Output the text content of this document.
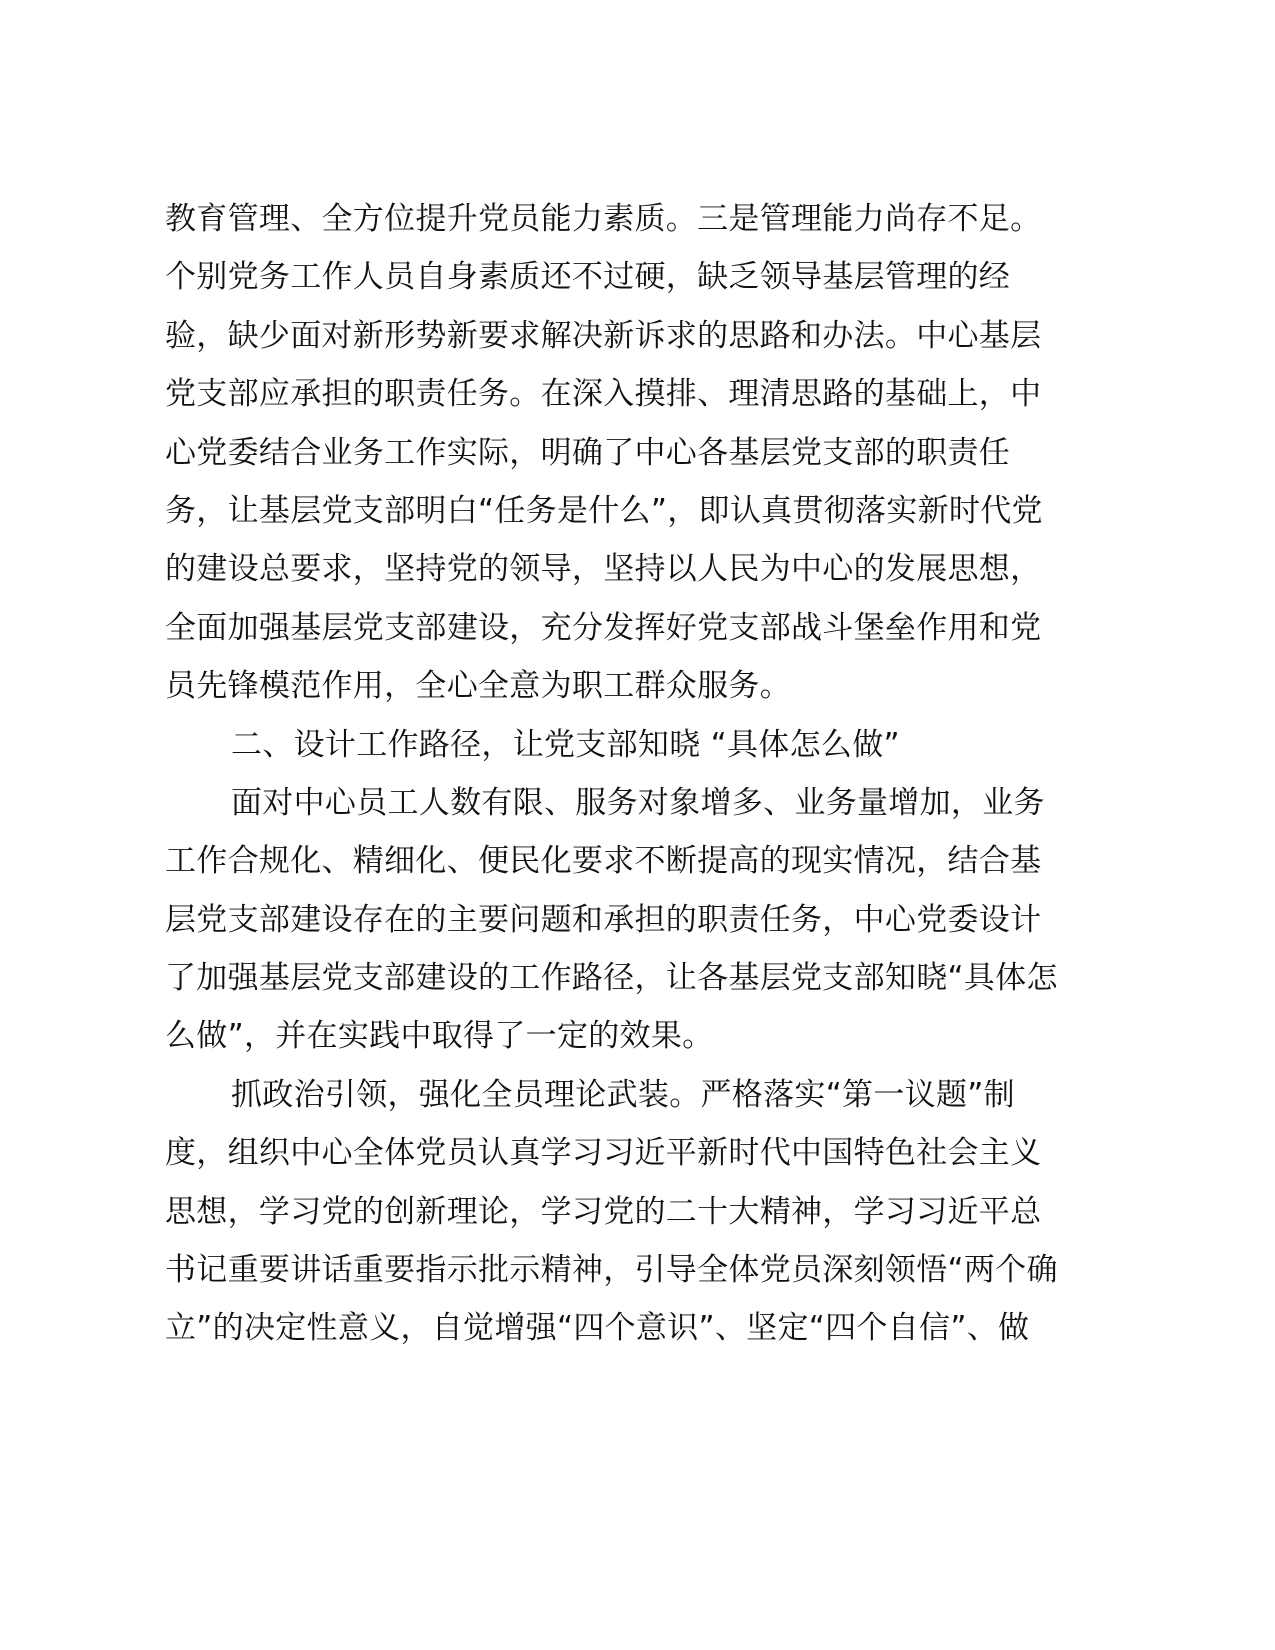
教育管理、全方位提升党员能力素质。三是管理能力尚存不足。
个别党务工作人员自身素质还不过硬，缺乏领导基层管理的经
验，缺少面对新形势新要求解决新诉求的思路和办法。中心基层
党支部应承担的职责任务。在深入摸排、理清思路的基础上，中
心党委结合业务工作实际，明确了中心各基层党支部的职责任
务，让基层党支部明白“任务是什么”，即认真贯彻落实新时代党
的建设总要求，坚持党的领导，坚持以人民为中心的发展思想，
全面加强基层党支部建设，充分发挥好党支部战斗堡垒作用和党
员先锋模范作用，全心全意为职工群众服务。
二、设计工作路径，让党支部知晓 “具体怎么做”
面对中心员工人数有限、服务对象增多、业务量增加，业务
工作合规化、精细化、便民化要求不断提高的现实情况，结合基
层党支部建设存在的主要问题和承担的职责任务，中心党委设计
了加强基层党支部建设的工作路径，让各基层党支部知晓“具体怎
么做”，并在实践中取得了一定的效果。
抓政治引领，强化全员理论武装。严格落实“第一议题”制
度，组织中心全体党员认真学习习近平新时代中国特色社会主义
思想，学习党的创新理论，学习党的二十大精神，学习习近平总
书记重要讲话重要指示批示精神，引导全体党员深刻领悟“两个确
立”的决定性意义，自觉增强“四个意识”、坚定“四个自信”、做
